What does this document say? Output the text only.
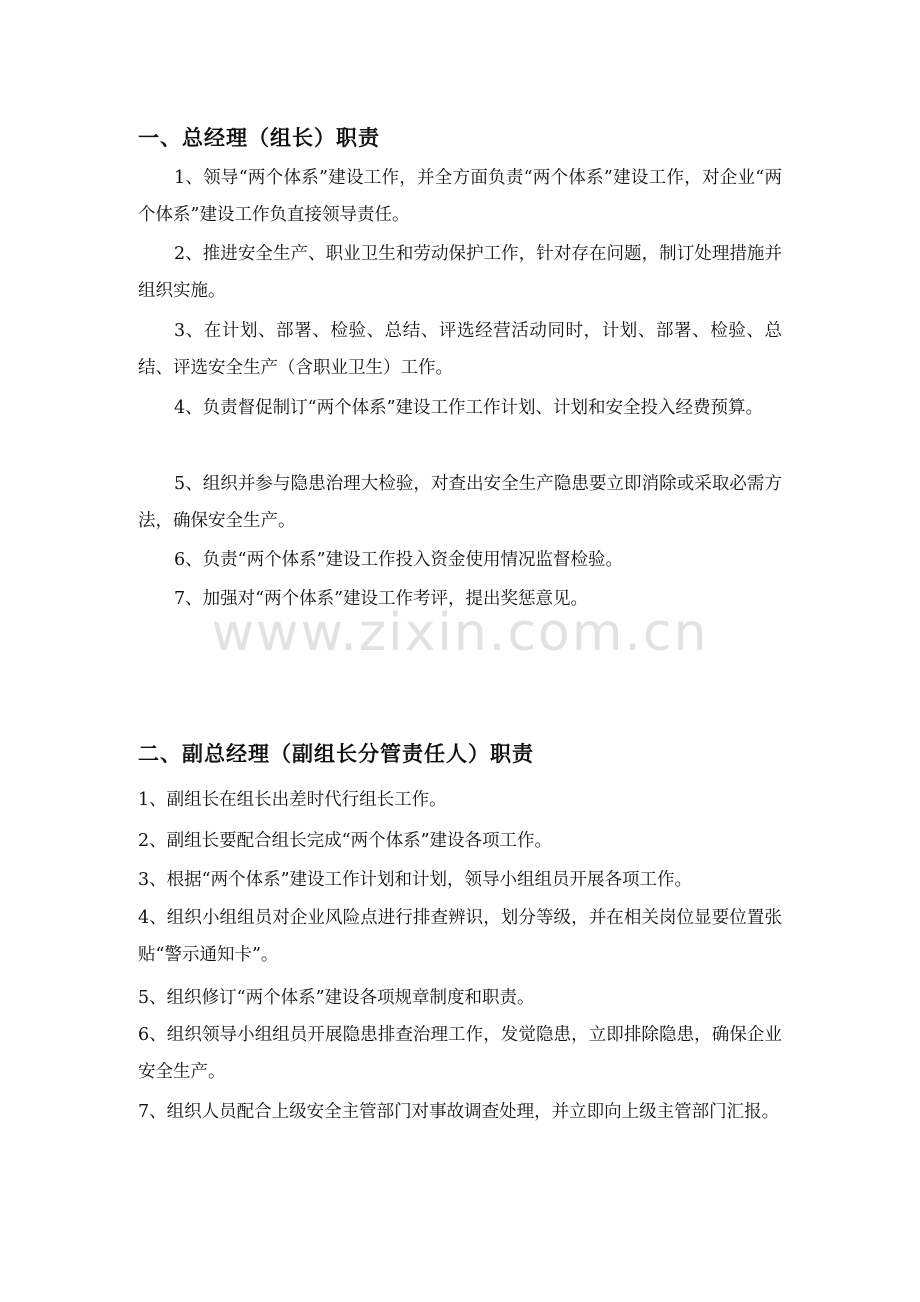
一、总经理（组长）职责
1、领导“两个体系”建设工作，并全方面负责“两个体系”建设工作，对企业“两个体系”建设工作负直接领导责任。
2、推进安全生产、职业卫生和劳动保护工作，针对存在问题，制订处理措施并组织实施。
3、在计划、部署、检验、总结、评选经营活动同时，计划、部署、检验、总结、评选安全生产（含职业卫生）工作。
4、负责督促制订“两个体系”建设工作工作计划、计划和安全投入经费预算。
5、组织并参与隐患治理大检验，对查出安全生产隐患要立即消除或采取必需方法，确保安全生产。
6、负责“两个体系”建设工作投入资金使用情况监督检验。
7、加强对“两个体系”建设工作考评，提出奖惩意见。
www.zixin.com.cn
二、副总经理（副组长分管责任人）职责
1、副组长在组长出差时代行组长工作。
2、副组长要配合组长完成“两个体系”建设各项工作。
3、根据“两个体系”建设工作计划和计划，领导小组组员开展各项工作。
4、组织小组组员对企业风险点进行排查辨识，划分等级，并在相关岗位显要位置张贴“警示通知卡”。
5、组织修订“两个体系”建设各项规章制度和职责。
6、组织领导小组组员开展隐患排查治理工作，发觉隐患，立即排除隐患，确保企业安全生产。
7、组织人员配合上级安全主管部门对事故调查处理，并立即向上级主管部门汇报。
